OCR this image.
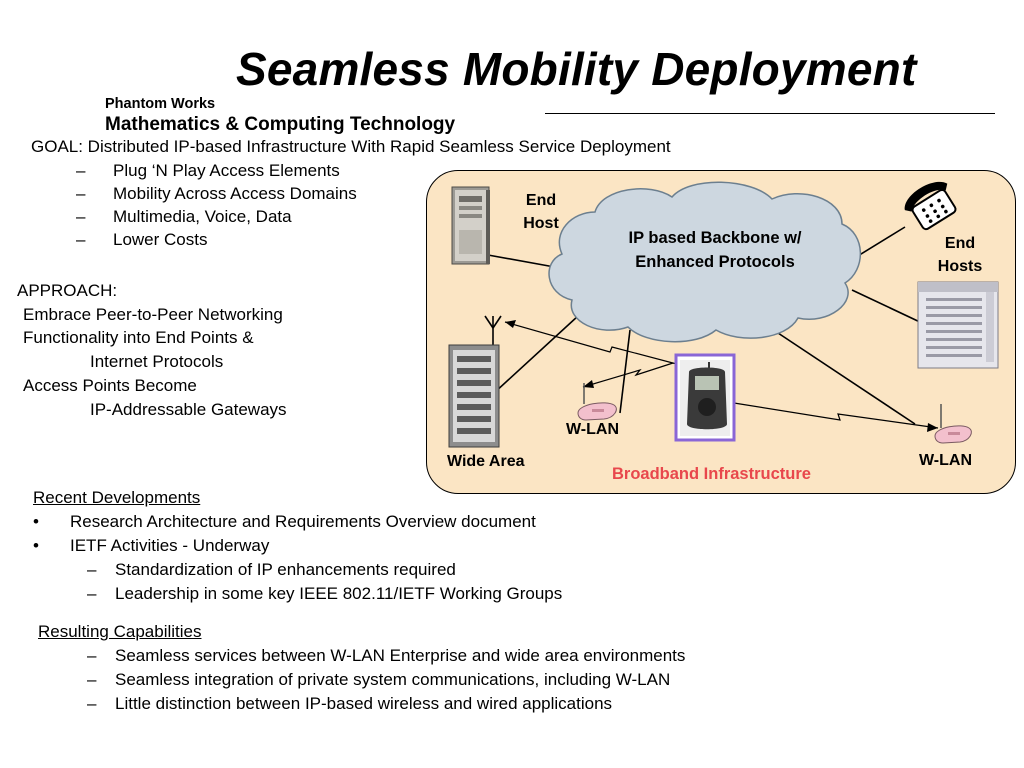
Seamless Mobility Deployment
Phantom Works
Mathematics & Computing Technology
GOAL: Distributed IP-based Infrastructure With Rapid Seamless Service Deployment
– Plug ‘N Play Access Elements
– Mobility Across Access Domains
– Multimedia, Voice, Data
– Lower Costs
APPROACH:
Embrace Peer-to-Peer Networking
Functionality into End Points &
Internet Protocols
Access Points Become
IP-Addressable Gateways
IP based Backbone w/ Enhanced Protocols
End Host
End Hosts
W-LAN
Wide Area	W-LAN
Broadband Infrastructure
Recent Developments
• Research Architecture and Requirements Overview document
• IETF Activities - Underway
– Standardization of IP enhancements required
– Leadership in some key IEEE 802.11/IETF Working Groups
Resulting Capabilities
– Seamless services between W-LAN Enterprise and wide area environments
– Seamless integration of private system communications, including W-LAN
– Little distinction between IP-based wireless and wired applications
